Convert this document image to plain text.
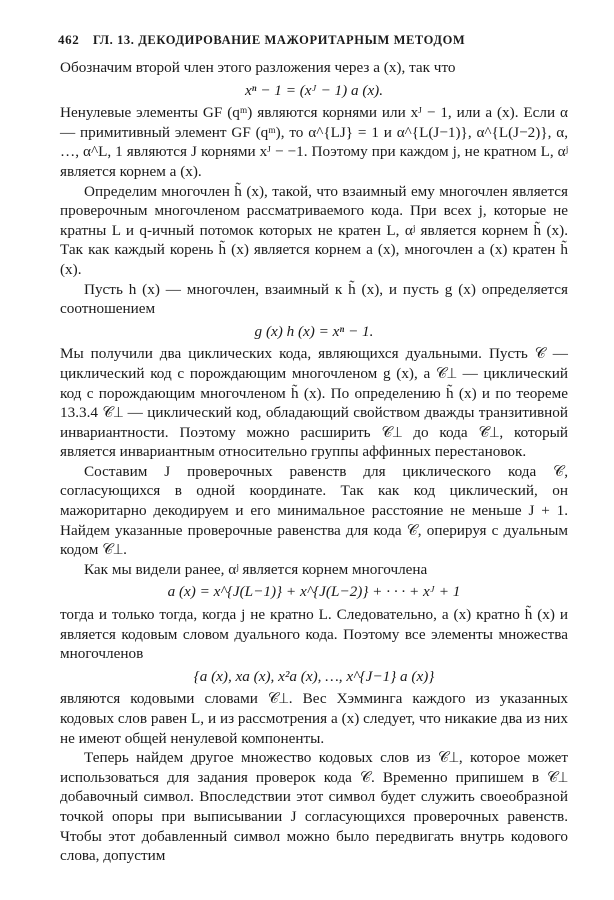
462 ГЛ. 13. ДЕКОДИРОВАНИЕ МАЖОРИТАРНЫМ МЕТОДОМ

Обозначим второй член этого разложения через a (x), так что

xⁿ − 1 = (xᴶ − 1) a (x).

Ненулевые элементы GF (qᵐ) являются корнями или xᴶ − 1, или a (x). Если α — примитивный элемент GF (qᵐ), то α^{LJ} = 1 и α^{L(J−1)}, α^{L(J−2)}, α, …, α^L, 1 являются J корнями xᴶ − −1. Поэтому при каждом j, не кратном L, αʲ является корнем a (x).

Определим многочлен h̃ (x), такой, что взаимный ему многочлен является проверочным многочленом рассматриваемого кода. При всех j, которые не кратны L и q-ичный потомок которых не кратен L, αʲ является корнем h̃ (x). Так как каждый корень h̃ (x) является корнем a (x), многочлен a (x) кратен h̃ (x).

Пусть h (x) — многочлен, взаимный к h̃ (x), и пусть g (x) определяется соотношением

g (x) h (x) = xⁿ − 1.

Мы получили два циклических кода, являющихся дуальными. Пусть 𝒞 — циклический код с порождающим многочленом g (x), а 𝒞⊥ — циклический код с порождающим многочленом h̃ (x). По определению h̃ (x) и по теореме 13.3.4 𝒞⊥ — циклический код, обладающий свойством дважды транзитивной инвариантности. Поэтому можно расширить 𝒞⊥ до кода 𝒞̄⊥, который является инвариантным относительно группы аффинных перестановок.

Составим J проверочных равенств для циклического кода 𝒞, согласующихся в одной координате. Так как код циклический, он мажоритарно декодируем и его минимальное расстояние не меньше J + 1. Найдем указанные проверочные равенства для кода 𝒞, оперируя с дуальным кодом 𝒞⊥.

Как мы видели ранее, αʲ является корнем многочлена

a (x) = x^{J(L−1)} + x^{J(L−2)} + · · · + xᴶ + 1

тогда и только тогда, когда j не кратно L. Следовательно, a (x) кратно h̃ (x) и является кодовым словом дуального кода. Поэтому все элементы множества многочленов

{a (x), xa (x), x²a (x), …, x^{J−1} a (x)}

являются кодовыми словами 𝒞⊥. Вес Хэмминга каждого из указанных кодовых слов равен L, и из рассмотрения a (x) следует, что никакие два из них не имеют общей ненулевой компоненты.

Теперь найдем другое множество кодовых слов из 𝒞⊥, которое может использоваться для задания проверок кода 𝒞. Временно припишем в 𝒞⊥ добавочный символ. Впоследствии этот символ будет служить своеобразной точкой опоры при выписывании J согласующихся проверочных равенств. Чтобы этот добавленный символ можно было передвигать внутрь кодового слова, допустим
